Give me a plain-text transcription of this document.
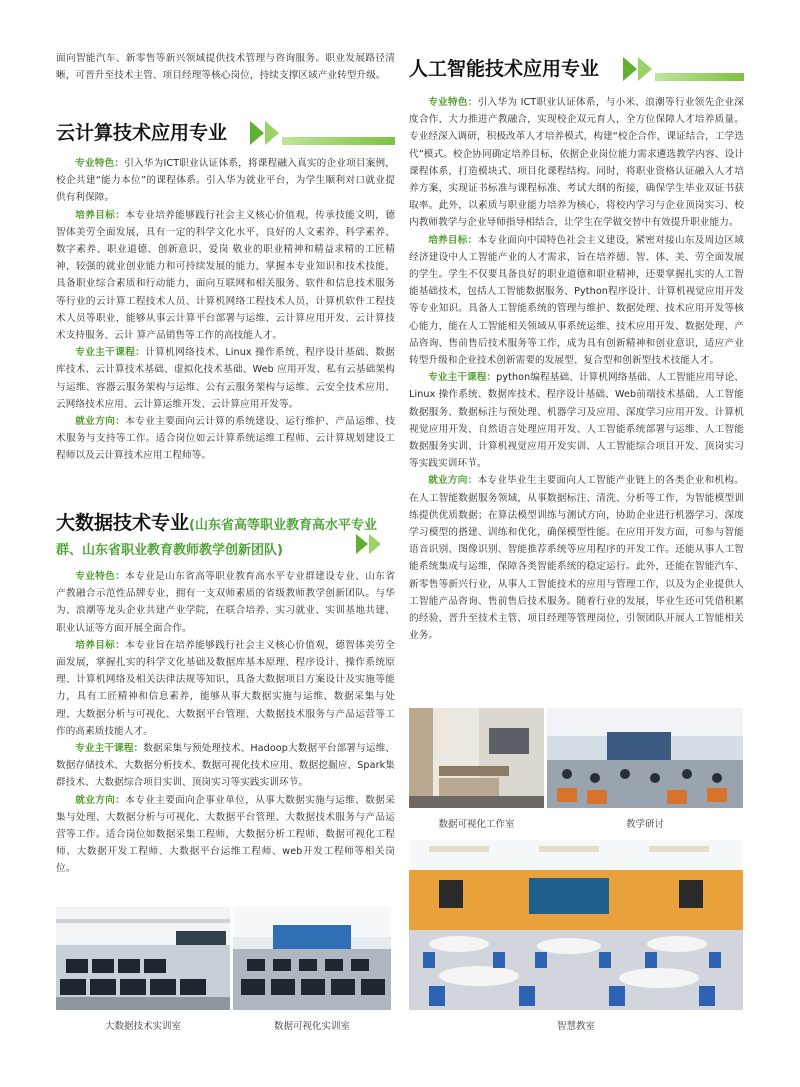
面向智能汽车、新零售等新兴领域提供技术管理与咨询服务。职业发展路径清晰，可晋升至技术主管、项目经理等核心岗位，持续支撑区域产业转型升级。

云计算技术应用专业

专业特色：引入华为ICT职业认证体系，将课程融入真实的企业项目案例，校企共建“能力本位”的课程体系。引入华为就业平台，为学生顺利对口就业提供有利保障。

培养目标：本专业培养能够践行社会主义核心价值观，传承技能文明，德智体美劳全面发展，具有一定的科学文化水平，良好的人文素养、科学素养、数字素养、职业道德、创新意识，爱岗 敬业的职业精神和精益求精的工匠精神，较强的就业创业能力和可持续发展的能力，掌握本专业知识和技术技能，具备职业综合素质和行动能力，面向互联网和相关服务、软件和信息技术服务等行业的云计算工程技术人员、计算机网络工程技术人员，计算机软件工程技术人员等职业，能够从事云计算平台部署与运维、云计算应用开发、云计算技术支持服务、云计 算产品销售等工作的高技能人才。

专业主干课程：计算机网络技术、Linux 操作系统、程序设计基础、数据库技术、云计算技术基础、虚拟化技术基础、Web 应用开发、私有云基础架构与运维、容器云服务架构与运维、公有云服务架构与运维、云安全技术应用、云网络技术应用、云计算运维开发、云计算应用开发等。

就业方向：本专业主要面向云计算的系统建设、运行维护、产品运维、技术服务与支持等工作。适合岗位如云计算系统运维工程师、云计算规划建设工程师以及云计算技术应用工程师等。

大数据技术专业(山东省高等职业教育高水平专业群、山东省职业教育教师教学创新团队)

专业特色：本专业是山东省高等职业教育高水平专业群建设专业、山东省产教融合示范性品牌专业，拥有一支双师素质的省级教师教学创新团队。与华为、浪潮等龙头企业共建产业学院，在联合培养、实习就业、实训基地共建、职业认证等方面开展全面合作。

培养目标：本专业旨在培养能够践行社会主义核心价值观，德智体美劳全面发展，掌握扎实的科学文化基础及数据库基本原理、程序设计、操作系统原理、计算机网络及相关法律法规等知识，具备大数据项目方案设计及实施等能力，具有工匠精神和信息素养，能够从事大数据实施与运维、数据采集与处理、大数据分析与可视化、大数据平台管理、大数据技术服务与产品运营等工作的高素质技能人才。

专业主干课程：数据采集与预处理技术、Hadoop大数据平台部署与运维、数据存储技术、大数据分析技术、数据可视化技术应用、数据挖掘应、Spark集群技术、大数据综合项目实训、顶岗实习等实践实训环节。

就业方向：本专业主要面向企事业单位，从事大数据实施与运维、数据采集与处理、大数据分析与可视化、大数据平台管理、大数据技术服务与产品运营等工作。适合岗位如数据采集工程师，大数据分析工程师、数据可视化工程师、大数据开发工程师、大数据平台运维工程师、web开发工程师等相关岗位。

大数据技术实训室	数据可视化实训室
人工智能技术应用专业

专业特色：引入华为 ICT职业认证体系，与小米、浪潮等行业领先企业深度合作，大力推进产教融合，实现校企双元育人，全方位保障人才培养质量。专业经深入调研，积极改革人才培养模式，构建“校企合作，课证结合，工学迭代”模式。校企协同确定培养目标，依据企业岗位能力需求遴选教学内容、设计课程体系，打造模块式、项目化课程结构。同时，将职业资格认证融入人才培养方案，实现证书标准与课程标准、考试大纲的衔接，确保学生毕业双证书获取率。此外，以素质与职业能力培养为核心，将校内学习与企业顶岗实习、校内教师教学与企业导师指导相结合，让学生在学做交替中有效提升职业能力。

培养目标：本专业面向中国特色社会主义建设，紧密对接山东及周边区域经济建设中人工智能产业的人才需求，旨在培养德、智、体、美、劳全面发展的学生。学生不仅要具备良好的职业道德和职业精神，还要掌握扎实的人工智能基础技术，包括人工智能数据服务、Python程序设计、计算机视觉应用开发等专业知识。具备人工智能系统的管理与维护、数据处理、技术应用开发等核心能力，能在人工智能相关领域从事系统运维、技术应用开发、数据处理、产品咨询、售前售后技术服务等工作，成为具有创新精神和创业意识，适应产业转型升级和企业技术创新需要的发展型、复合型和创新型技术技能人才。

专业主干课程：python编程基础、计算机网络基础、人工智能应用导论、Linux 操作系统、数据库技术、程序设计基础、Web前端技术基础、人工智能数据服务、数据标注与预处理、机器学习及应用、深度学习应用开发、计算机视觉应用开发、自然语言处理应用开发、人工智能系统部署与运维、人工智能数据服务实训、计算机视觉应用开发实训、人工智能综合项目开发、顶岗实习等实践实训环节。

就业方向：本专业毕业生主要面向人工智能产业链上的各类企业和机构。在人工智能数据服务领域，从事数据标注、清洗、分析等工作，为智能模型训练提供优质数据；在算法模型训练与测试方向，协助企业进行机器学习、深度学习模型的搭建、训练和优化，确保模型性能。在应用开发方面，可参与智能语音识别、图像识别、智能推荐系统等应用程序的开发工作。还能从事人工智能系统集成与运维，保障各类智能系统的稳定运行。此外，还能在智能汽车、新零售等新兴行业，从事人工智能技术的应用与管理工作，以及为企业提供人工智能产品咨询、售前售后技术服务。随着行业的发展，毕业生还可凭借积累的经验，晋升至技术主管、项目经理等管理岗位，引领团队开展人工智能相关业务。

数据可视化工作室	教学研讨
智慧教室
